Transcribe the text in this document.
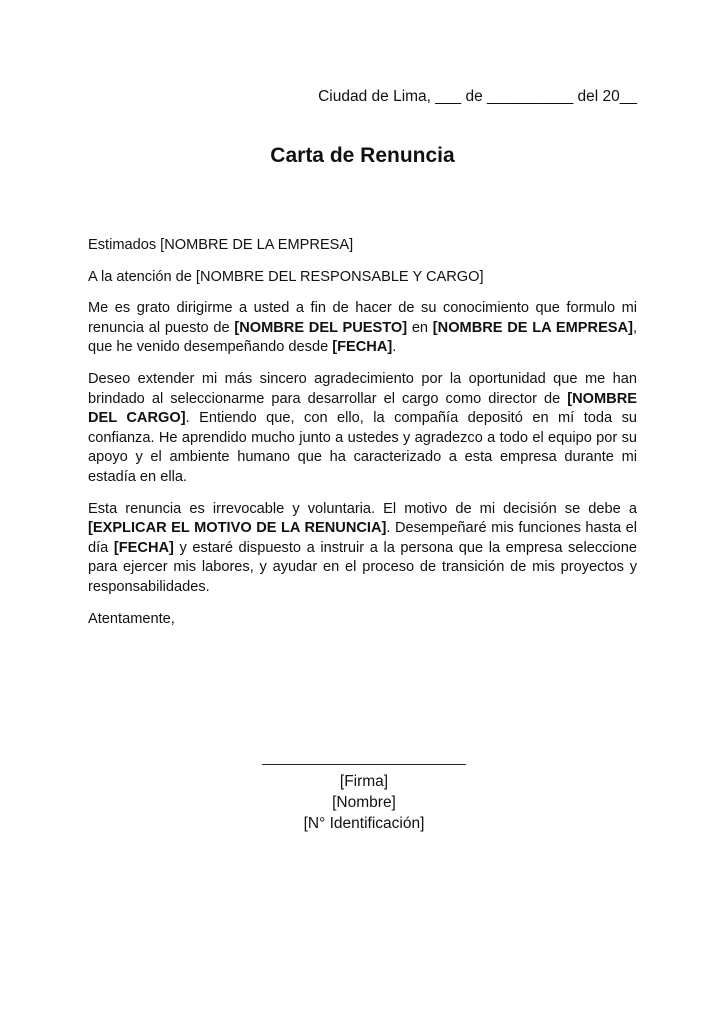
Ciudad de Lima, ___ de __________ del 20__
Carta de Renuncia

Estimados [NOMBRE DE LA EMPRESA]

A la atención de [NOMBRE DEL RESPONSABLE Y CARGO]

Me es grato dirigirme a usted a fin de hacer de su conocimiento que formulo mi renuncia al puesto de [NOMBRE DEL PUESTO] en [NOMBRE DE LA EMPRESA], que he venido desempeñando desde [FECHA].

Deseo extender mi más sincero agradecimiento por la oportunidad que me han brindado al seleccionarme para desarrollar el cargo como director de [NOMBRE DEL CARGO]. Entiendo que, con ello, la compañía depositó en mí toda su confianza. He aprendido mucho junto a ustedes y agradezco a todo el equipo por su apoyo y el ambiente humano que ha caracterizado a esta empresa durante mi estadía en ella.

Esta renuncia es irrevocable y voluntaria. El motivo de mi decisión se debe a [EXPLICAR EL MOTIVO DE LA RENUNCIA]. Desempeñaré mis funciones hasta el día [FECHA] y estaré dispuesto a instruir a la persona que la empresa seleccione para ejercer mis labores, y ayudar en el proceso de transición de mis proyectos y responsabilidades.

Atentamente,

[Firma]
[Nombre]
[N° Identificación]
